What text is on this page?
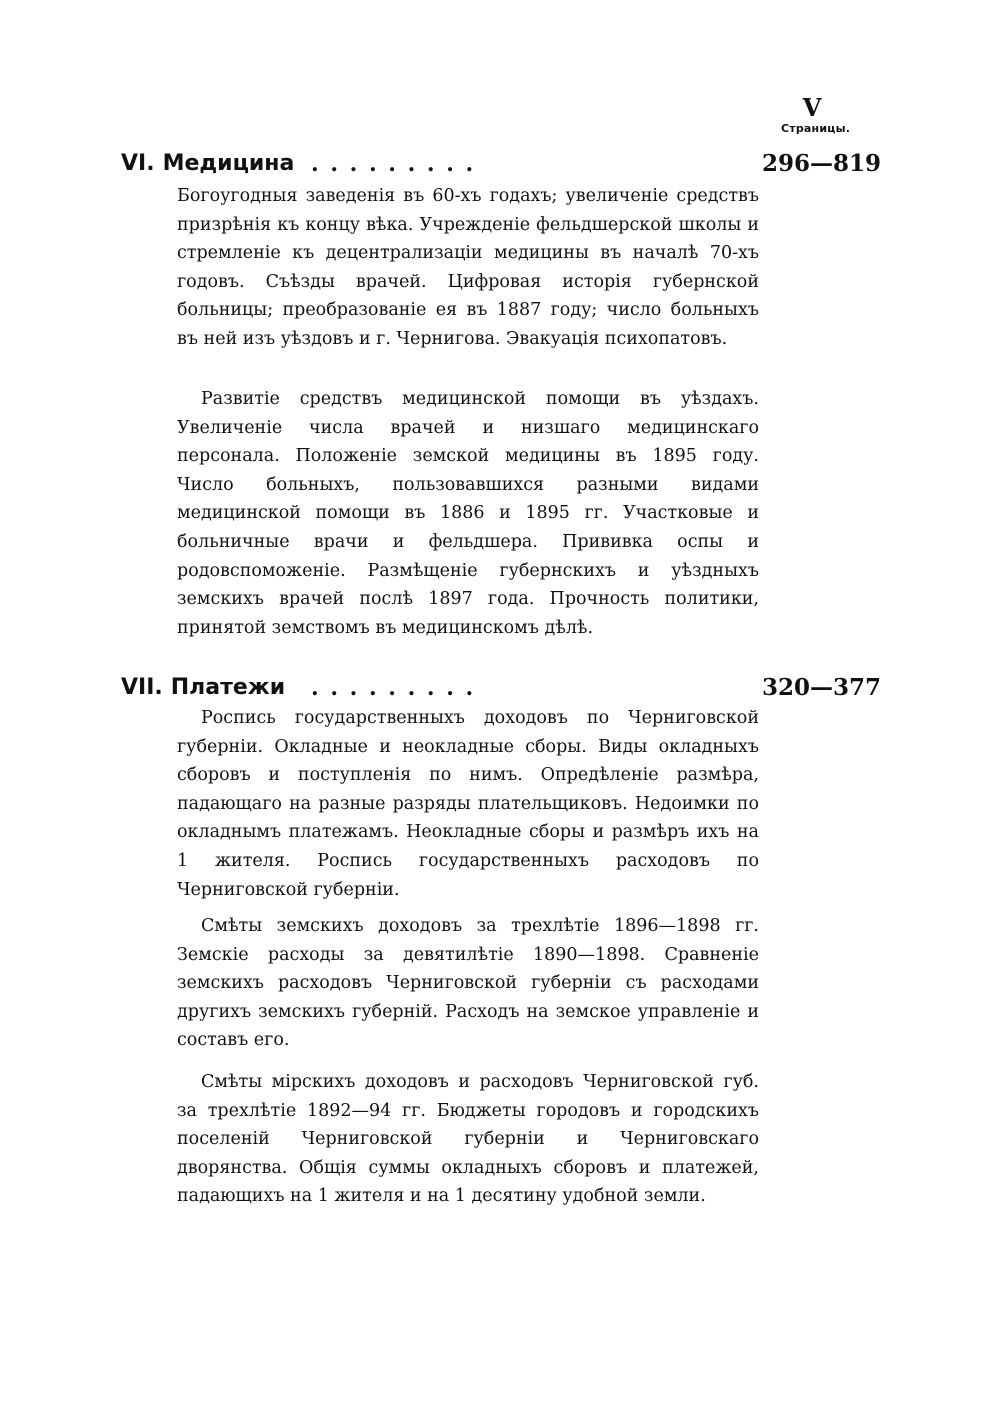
V
Страницы.
VI. Медицина . . . . . . . . .	296—819

Богоугодныя заведенія въ 60-хъ годахъ; увеличеніе средствъ призрѣнія къ концу вѣка. Учрежденіе фельдшерской школы и стремленіе къ децентрализаціи медицины въ началѣ 70-хъ годовъ. Съѣзды врачей. Цифровая исторія губернской больницы; преобразованіе ея въ 1887 году; число больныхъ въ ней изъ уѣздовъ и г. Чернигова. Эвакуація психопатовъ.

Развитіе средствъ медицинской помощи въ уѣздахъ. Увеличеніе числа врачей и низшаго медицинскаго персонала. Положеніе земской медицины въ 1895 году. Число больныхъ, пользовавшихся разными видами медицинской помощи въ 1886 и 1895 гг. Участковые и больничные врачи и фельдшера. Прививка оспы и родовспоможеніе. Размѣщеніе губернскихъ и уѣздныхъ земскихъ врачей послѣ 1897 года. Прочность политики, принятой земствомъ въ медицинскомъ дѣлѣ.

VII. Платежи . . . . . . . . .	320—377

Роспись государственныхъ доходовъ по Черниговской губерніи. Окладные и неокладные сборы. Виды окладныхъ сборовъ и поступленія по нимъ. Опредѣленіе размѣра, падающаго на разные разряды плательщиковъ. Недоимки по окладнымъ платежамъ. Неокладные сборы и размѣръ ихъ на 1 жителя. Роспись государственныхъ расходовъ по Черниговской губерніи.

Смѣты земскихъ доходовъ за трехлѣтіе 1896—1898 гг. Земскіе расходы за девятилѣтіе 1890—1898. Сравненіе земскихъ расходовъ Черниговской губерніи съ расходами другихъ земскихъ губерній. Расходъ на земское управленіе и составъ его.

Смѣты мірскихъ доходовъ и расходовъ Черниговской губ. за трехлѣтіе 1892—94 гг. Бюджеты городовъ и городскихъ поселеній Черниговской губерніи и Черниговскаго дворянства. Общія суммы окладныхъ сборовъ и платежей, падающихъ на 1 жителя и на 1 десятину удобной земли.
